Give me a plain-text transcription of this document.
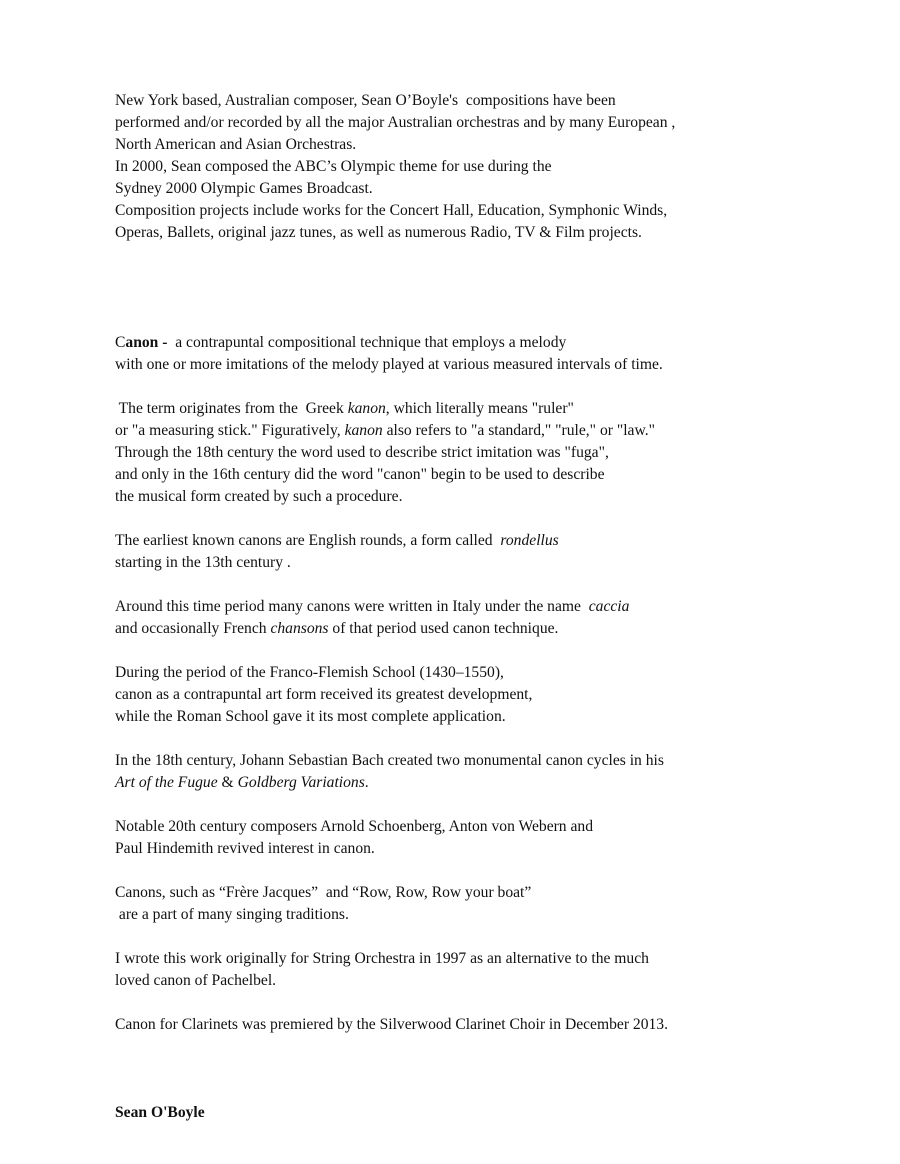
New York based, Australian composer, Sean O’Boyle's  compositions have been
performed and/or recorded by all the major Australian orchestras and by many European ,
North American and Asian Orchestras.
In 2000, Sean composed the ABC’s Olympic theme for use during the
Sydney 2000 Olympic Games Broadcast.
Composition projects include works for the Concert Hall, Education, Symphonic Winds,
Operas, Ballets, original jazz tunes, as well as numerous Radio, TV & Film projects.
Canon -  a contrapuntal compositional technique that employs a melody
with one or more imitations of the melody played at various measured intervals of time.
The term originates from the  Greek kanon, which literally means "ruler"
or "a measuring stick." Figuratively, kanon also refers to "a standard," "rule," or "law."
Through the 18th century the word used to describe strict imitation was "fuga",
and only in the 16th century did the word "canon" begin to be used to describe
the musical form created by such a procedure.
The earliest known canons are English rounds, a form called  rondellus
starting in the 13th century .
Around this time period many canons were written in Italy under the name  caccia
and occasionally French chansons of that period used canon technique.
During the period of the Franco-Flemish School (1430–1550),
canon as a contrapuntal art form received its greatest development,
while the Roman School gave it its most complete application.
In the 18th century, Johann Sebastian Bach created two monumental canon cycles in his
Art of the Fugue & Goldberg Variations.
Notable 20th century composers Arnold Schoenberg, Anton von Webern and
Paul Hindemith revived interest in canon.
Canons, such as “Frère Jacques”  and “Row, Row, Row your boat”
are a part of many singing traditions.
I wrote this work originally for String Orchestra in 1997 as an alternative to the much
loved canon of Pachelbel.
Canon for Clarinets was premiered by the Silverwood Clarinet Choir in December 2013.
Sean O'Boyle
